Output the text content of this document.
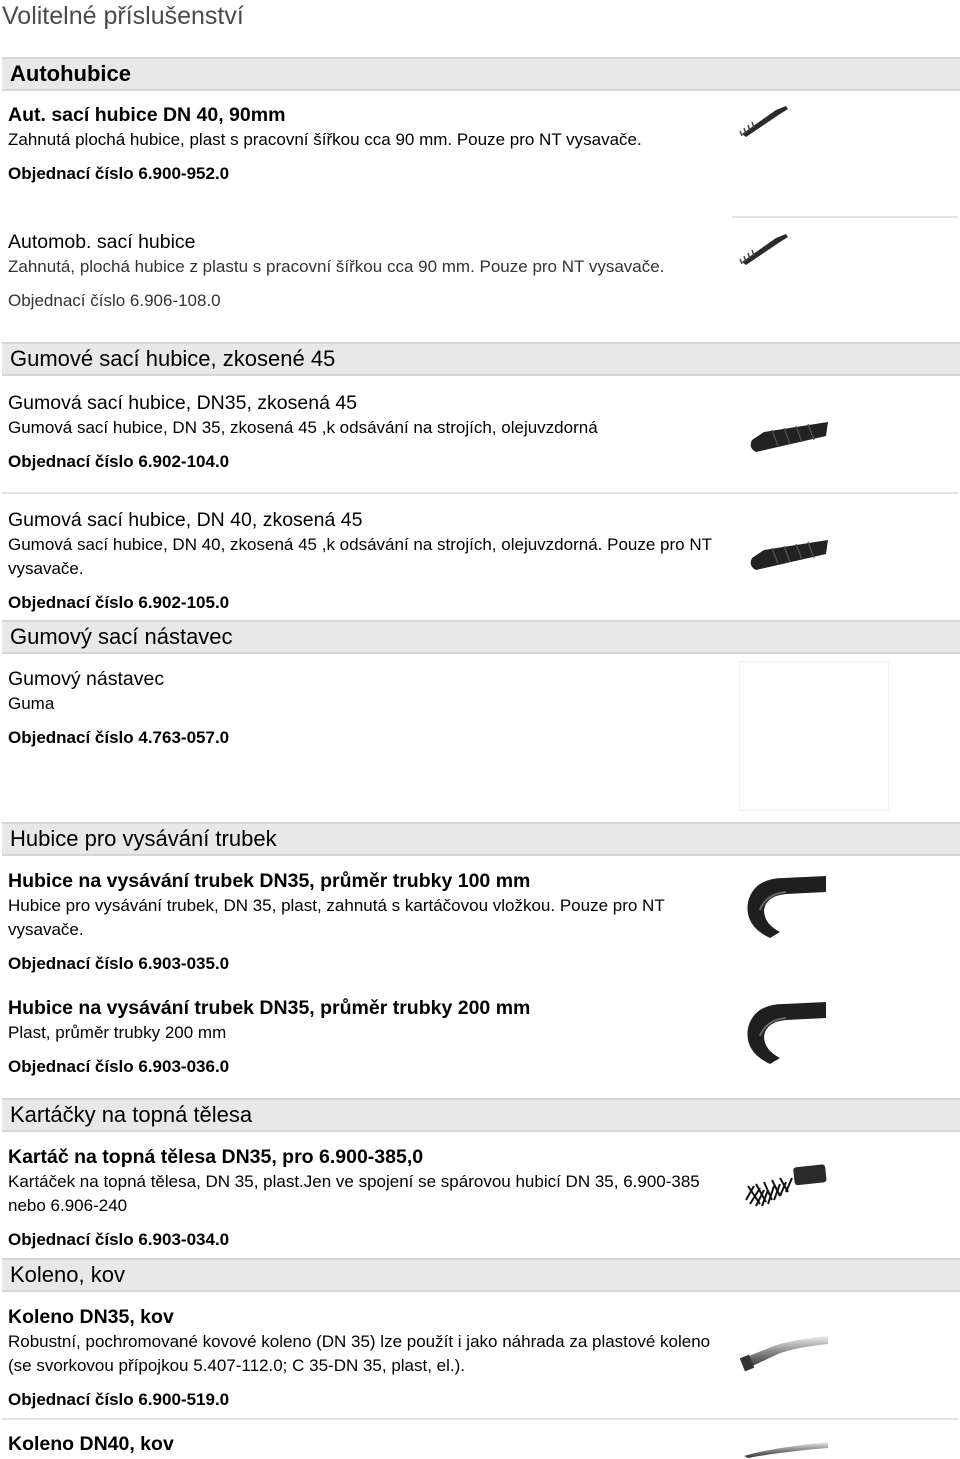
Volitelné příslušenství
Autohubice
Aut. sací hubice DN 40, 90mm
Zahnutá plochá hubice, plast s pracovní šířkou cca 90 mm. Pouze pro NT vysavače.
Objednací číslo 6.900-952.0
Automob. sací hubice
Zahnutá, plochá hubice z plastu s pracovní šířkou cca 90 mm. Pouze pro NT vysavače.
Objednací číslo 6.906-108.0
Gumové sací hubice, zkosené 45
Gumová sací hubice, DN35, zkosená 45
Gumová sací hubice, DN 35, zkosená 45 ,k odsávání na strojích, olejuvzdorná
Objednací číslo 6.902-104.0
Gumová sací hubice, DN 40, zkosená 45
Gumová sací hubice, DN 40, zkosená 45 ,k odsávání na strojích, olejuvzdorná. Pouze pro NT vysavače.
Objednací číslo 6.902-105.0
Gumový sací nástavec
Gumový nástavec
Guma
Objednací číslo 4.763-057.0
Hubice pro vysávání trubek
Hubice na vysávání trubek DN35, průměr trubky 100 mm
Hubice pro vysávání trubek, DN 35, plast, zahnutá s kartáčovou vložkou. Pouze pro NT vysavače.
Objednací číslo 6.903-035.0
Hubice na vysávání trubek DN35, průměr trubky 200 mm
Plast, průměr trubky 200 mm
Objednací číslo 6.903-036.0
Kartáčky na topná tělesa
Kartáč na topná tělesa DN35, pro 6.900-385,0
Kartáček na topná tělesa, DN 35, plast.Jen ve spojení se spárovou hubicí DN 35, 6.900-385 nebo 6.906-240
Objednací číslo 6.903-034.0
Koleno, kov
Koleno DN35, kov
Robustní, pochromované kovové koleno (DN 35) lze použít i jako náhrada za plastové koleno (se svorkovou přípojkou 5.407-112.0; C 35-DN 35, plast, el.).
Objednací číslo 6.900-519.0
Koleno DN40, kov
